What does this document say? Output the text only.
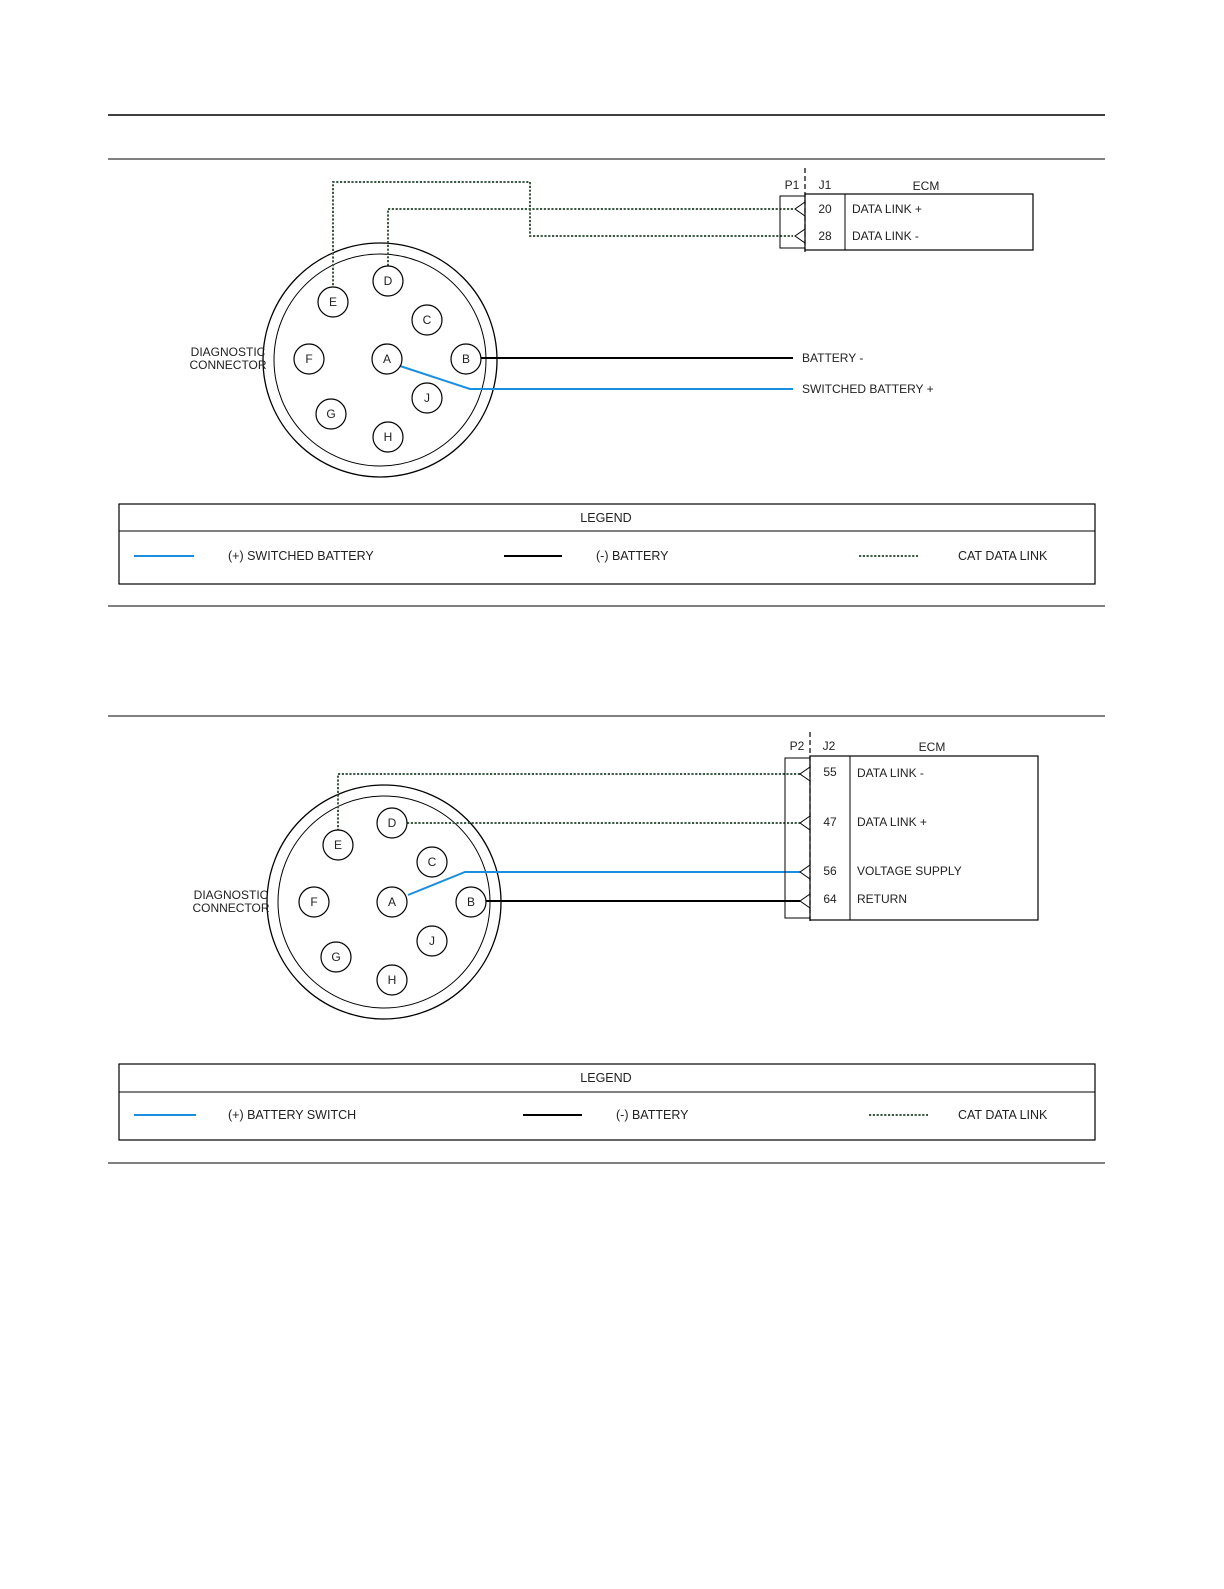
DIAGNOSTIC
CONNECTOR	A	B
C
D
E
F
G
H
J
BATTERY -
SWITCHED BATTERY +
P1 J1	ECM
20 DATA LINK +
28 DATA LINK -
LEGEND
(+) SWITCHED BATTERY	(-) BATTERY	CAT DATA LINK
DIAGNOSTIC
CONNECTOR	A	B
C
D
E
F
G
H
J
P2 J2	ECM
55 DATA LINK -
47 DATA LINK +
56 VOLTAGE SUPPLY
64 RETURN
LEGEND
(+) BATTERY SWITCH	(-) BATTERY	CAT DATA LINK
